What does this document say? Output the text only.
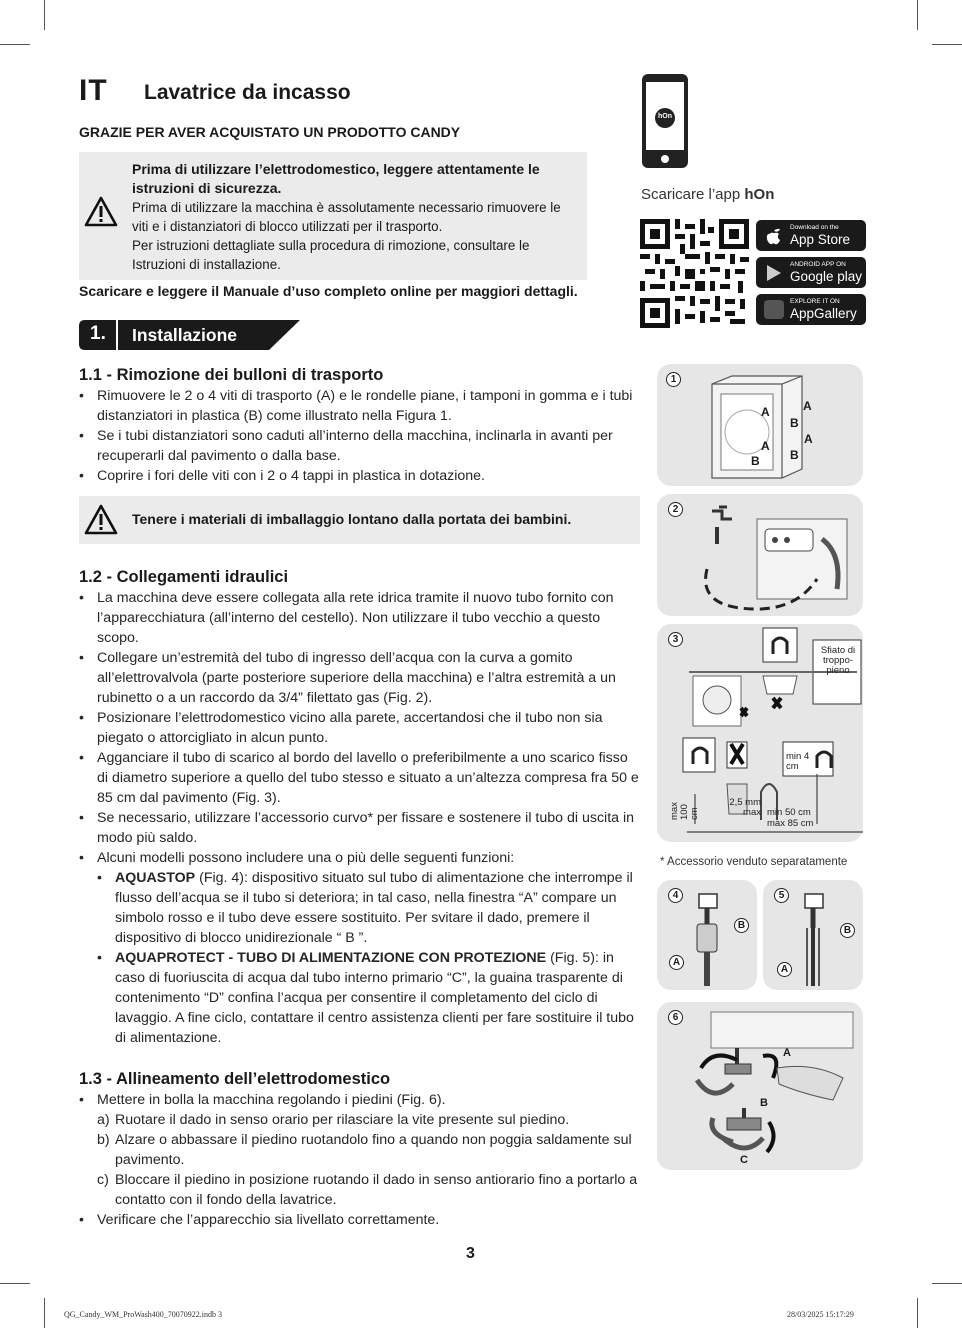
IT Lavatrice da incasso
GRAZIE PER AVER ACQUISTATO UN PRODOTTO CANDY
Prima di utilizzare l’elettrodomestico, leggere attentamente le istruzioni di sicurezza.
Prima di utilizzare la macchina è assolutamente necessario rimuovere le viti e i distanziatori di blocco utilizzati per il trasporto.
Per istruzioni dettagliate sulla procedura di rimozione, consultare le Istruzioni di installazione.
Scaricare e leggere il Manuale d’uso completo online per maggiori dettagli.
hOn
Scaricare l’app hOn
Download on the
App Store
ANDROID APP ON
Google play
EXPLORE IT ON
AppGallery
1. Installazione
1.1 - Rimozione dei bulloni di trasporto
• Rimuovere le 2 o 4 viti di trasporto (A) e le rondelle piane, i tamponi in gomma e i tubi distanziatori in plastica (B) come illustrato nella Figura 1.
• Se i tubi distanziatori sono caduti all’interno della macchina, inclinarla in avanti per recuperarli dal pavimento o dalla base.
• Coprire i fori delle viti con i 2 o 4 tappi in plastica in dotazione.
Tenere i materiali di imballaggio lontano dalla portata dei bambini.
1.2 - Collegamenti idraulici
• La macchina deve essere collegata alla rete idrica tramite il nuovo tubo fornito con l’apparecchiatura (all’interno del cestello). Non utilizzare il tubo vecchio a questo scopo.
• Collegare un’estremità del tubo di ingresso dell’acqua con la curva a gomito all’elettrovalvola (parte posteriore superiore della macchina) e l’altra estremità a un rubinetto o a un raccordo da 3/4” filettato gas (Fig. 2).
• Posizionare l’elettrodomestico vicino alla parete, accertandosi che il tubo non sia piegato o attorcigliato in alcun punto.
• Agganciare il tubo di scarico al bordo del lavello o preferibilmente a uno scarico fisso di diametro superiore a quello del tubo stesso e situato a un’altezza compresa fra 50 e 85 cm dal pavimento (Fig. 3).
• Se necessario, utilizzare l’accessorio curvo* per fissare e sostenere il tubo di uscita in modo più saldo.
• Alcuni modelli possono includere una o più delle seguenti funzioni:
• AQUASTOP (Fig. 4): dispositivo situato sul tubo di alimentazione che interrompe il flusso dell’acqua se il tubo si deteriora; in tal caso, nella finestra “A” compare un simbolo rosso e il tubo deve essere sostituito. Per svitare il dado, premere il dispositivo di blocco unidirezionale “ B ”.
• AQUAPROTECT - TUBO DI ALIMENTAZIONE CON PROTEZIONE (Fig. 5): in caso di fuoriuscita di acqua dal tubo interno primario “C”, la guaina trasparente di contenimento “D” confina l’acqua per consentire il completamento del ciclo di lavaggio. A fine ciclo, contattare il centro assistenza clienti per fare sostituire il tubo di alimentazione.
1.3 - Allineamento dell’elettrodomestico
• Mettere in bolla la macchina regolando i piedini (Fig. 6).
a) Ruotare il dado in senso orario per rilasciare la vite presente sul piedino.
b) Alzare o abbassare il piedino ruotandolo fino a quando non poggia saldamente sul pavimento.
c) Bloccare il piedino in posizione ruotando il dado in senso antiorario fino a portarlo a contatto con il fondo della lavatrice.
• Verificare che l’apparecchio sia livellato correttamente.
1
A	A
B
A
A
B	B
2
3
Sfiato di troppo-pieno
min 4 cm
max 100 cm
2,5 mm max min 50 cm
max 85 cm
* Accessorio venduto separatamente
4
B
A
5
B
A
6
A
B
C
3
QG_Candy_WM_ProWash400_70070922.indb 3	28/03/2025 15:17:29
